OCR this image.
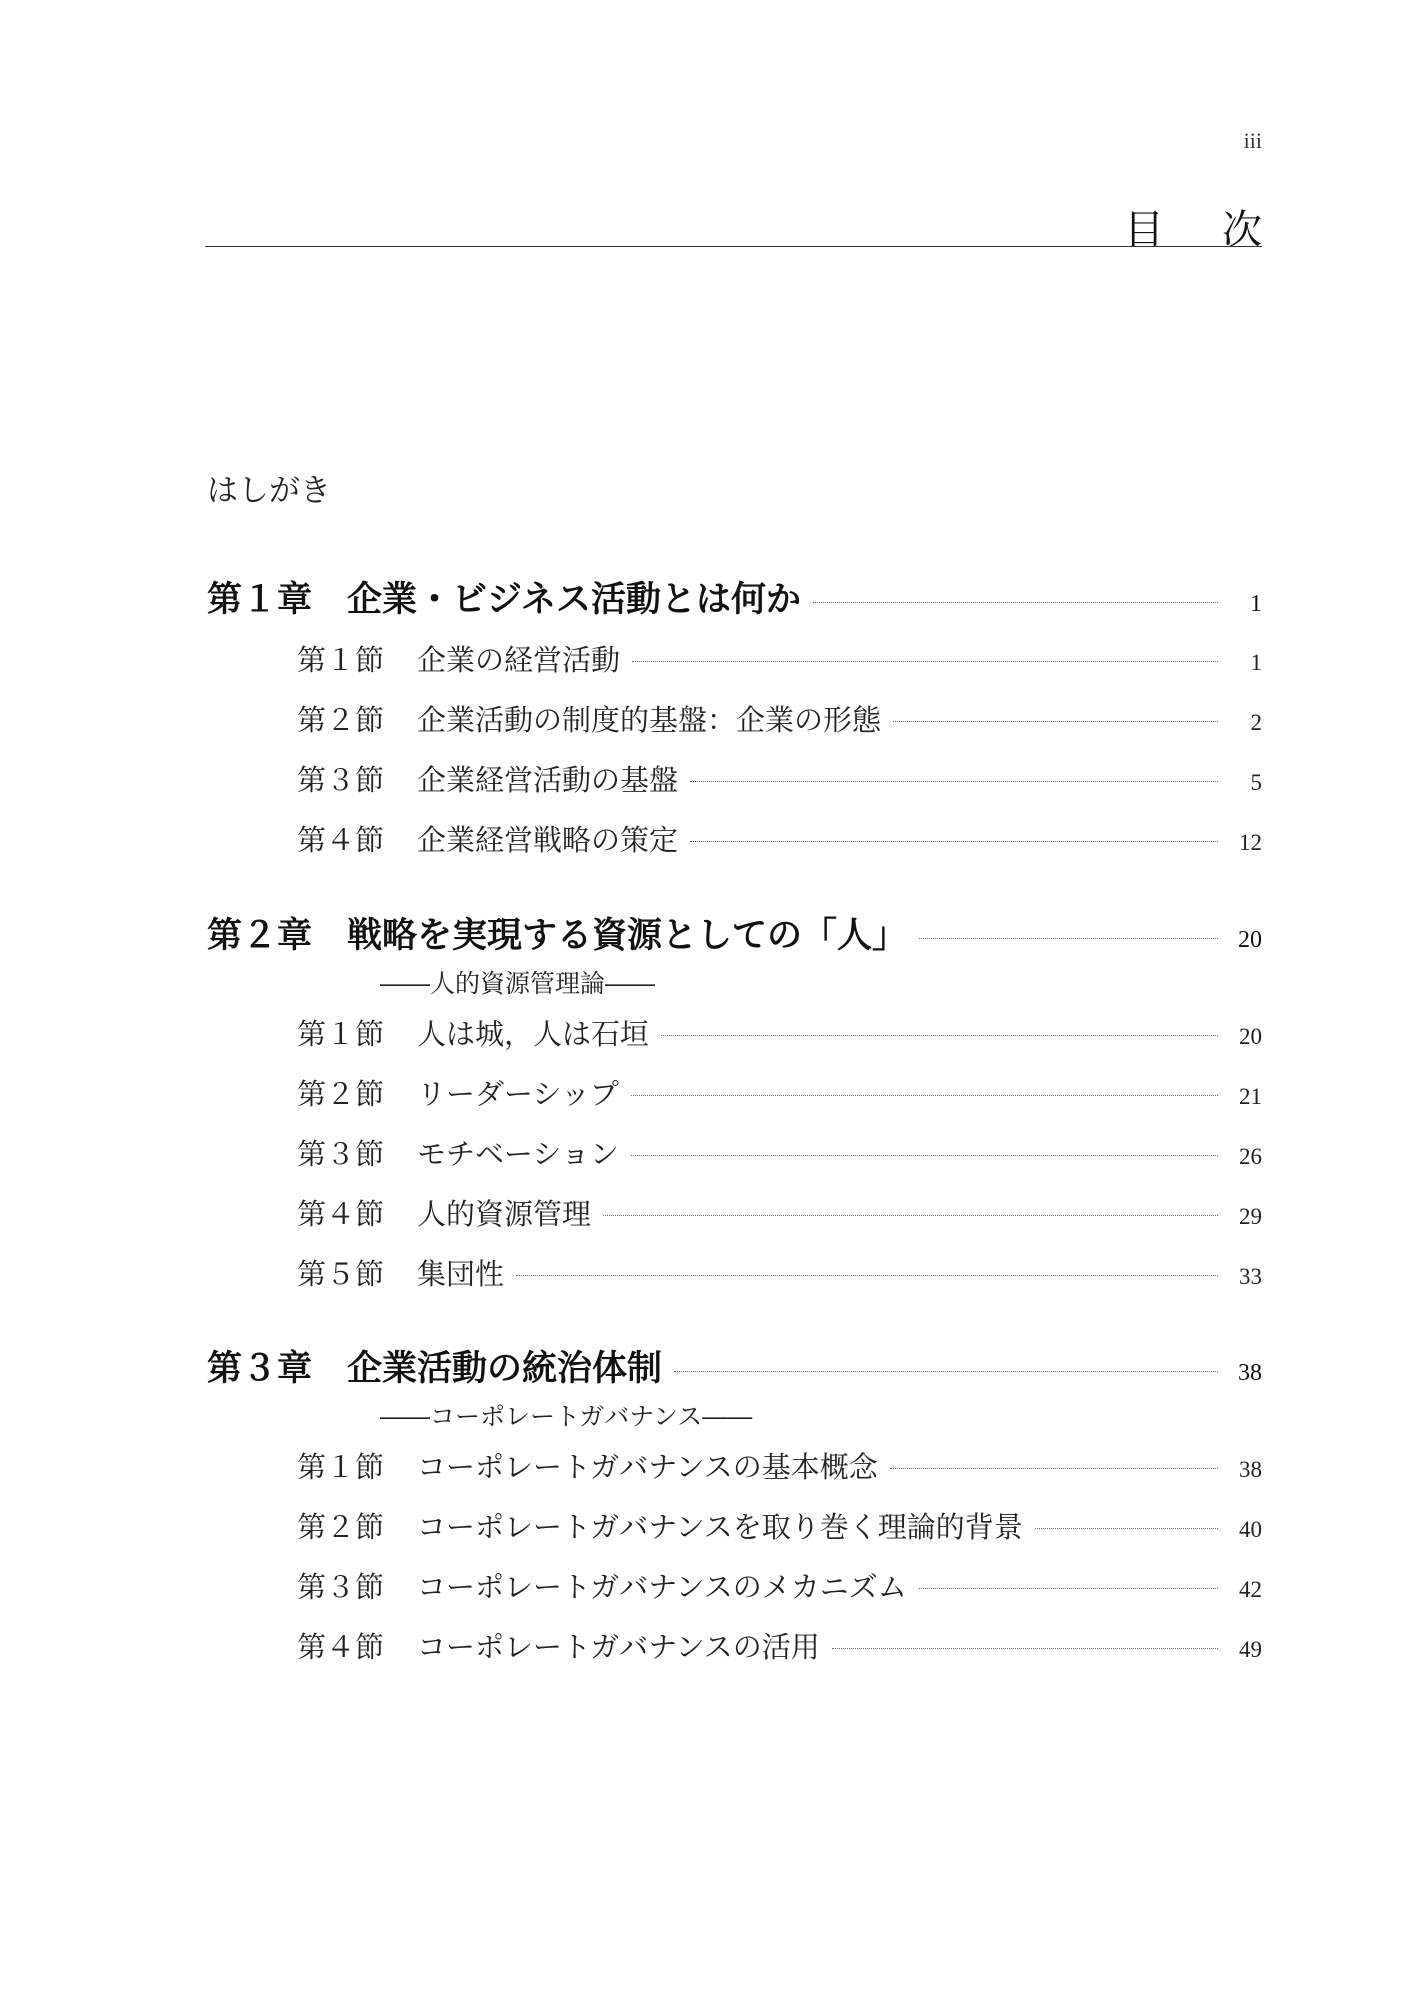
iii
目次
はしがき
第１章 企業・ビジネス活動とは何か	1
第１節	企業の経営活動	1
第２節	企業活動の制度的基盤：企業の形態	2
第３節	企業経営活動の基盤	5
第４節	企業経営戦略の策定	12
第２章 戦略を実現する資源としての「人」	20
――人的資源管理論――
第１節	人は城，人は石垣	20
第２節	リーダーシップ	21
第３節	モチベーション	26
第４節	人的資源管理	29
第５節	集団性	33
第３章 企業活動の統治体制	38
――コーポレートガバナンス――
第１節	コーポレートガバナンスの基本概念	38
第２節	コーポレートガバナンスを取り巻く理論的背景	40
第３節	コーポレートガバナンスのメカニズム	42
第４節	コーポレートガバナンスの活用	49
